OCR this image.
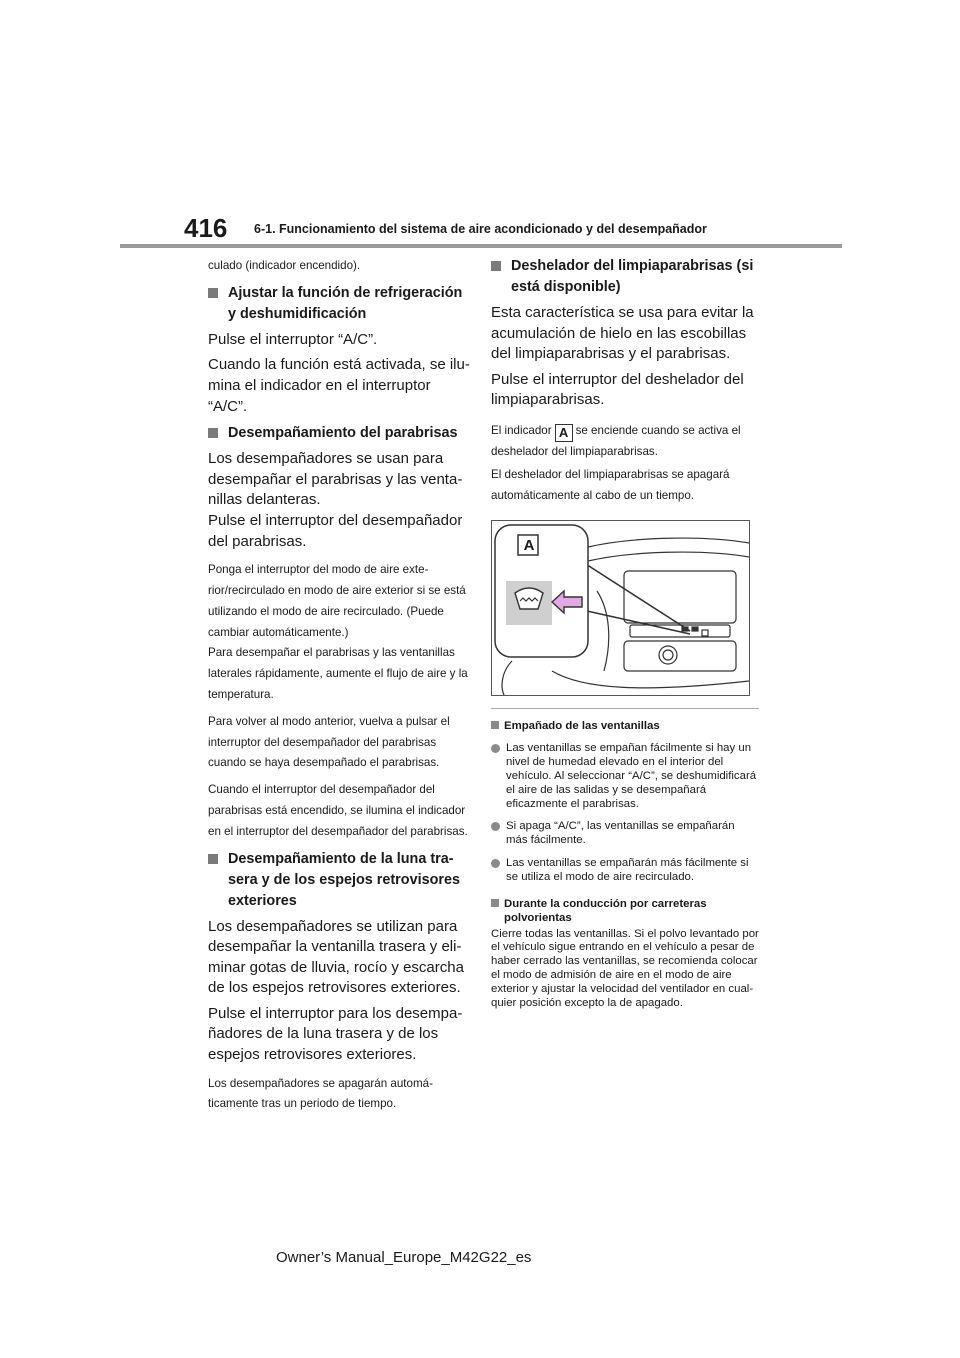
416 6-1. Funcionamiento del sistema de aire acondicionado y del desempañador

culado (indicador encendido).

Ajustar la función de refrigeración y deshumidificación

Pulse el interruptor “A/C”.

Cuando la función está activada, se ilumina el indicador en el interruptor “A/C”.

Desempañamiento del parabrisas

Los desempañadores se usan para desempañar el parabrisas y las ventanillas delanteras.

Pulse el interruptor del desempañador del parabrisas.

Ponga el interruptor del modo de aire exterior/recirculado en modo de aire exterior si se está utilizando el modo de aire recirculado. (Puede cambiar automáticamente.)

Para desempañar el parabrisas y las ventanillas laterales rápidamente, aumente el flujo de aire y la temperatura.

Para volver al modo anterior, vuelva a pulsar el interruptor del desempañador del parabrisas cuando se haya desempañado el parabrisas.

Cuando el interruptor del desempañador del parabrisas está encendido, se ilumina el indicador en el interruptor del desempañador del parabrisas.

Desempañamiento de la luna trasera y de los espejos retrovisores exteriores

Los desempañadores se utilizan para desempañar la ventanilla trasera y eliminar gotas de lluvia, rocío y escarcha de los espejos retrovisores exteriores.

Pulse el interruptor para los desempañadores de la luna trasera y de los espejos retrovisores exteriores.

Los desempañadores se apagarán automáticamente tras un periodo de tiempo.

Deshelador del limpiaparabrisas (si está disponible)

Esta característica se usa para evitar la acumulación de hielo en las escobillas del limpiaparabrisas y el parabrisas.

Pulse el interruptor del deshelador del limpiaparabrisas.

El indicador A se enciende cuando se activa el deshelador del limpiaparabrisas.

El deshelador del limpiaparabrisas se apagará automáticamente al cabo de un tiempo.

A
Empañado de las ventanillas
Las ventanillas se empañan fácilmente si hay un nivel de humedad elevado en el interior del vehículo. Al seleccionar “A/C”, se deshumidificará el aire de las salidas y se desempañará eficazmente el parabrisas.
Si apaga “A/C”, las ventanillas se empañarán más fácilmente.
Las ventanillas se empañarán más fácilmente si se utiliza el modo de aire recirculado.
Durante la conducción por carreteras polvorientas

Cierre todas las ventanillas. Si el polvo levantado por el vehículo sigue entrando en el vehículo a pesar de haber cerrado las ventanillas, se recomienda colocar el modo de admisión de aire en el modo de aire exterior y ajustar la velocidad del ventilador en cualquier posición excepto la de apagado.

Owner’s Manual_Europe_M42G22_es
